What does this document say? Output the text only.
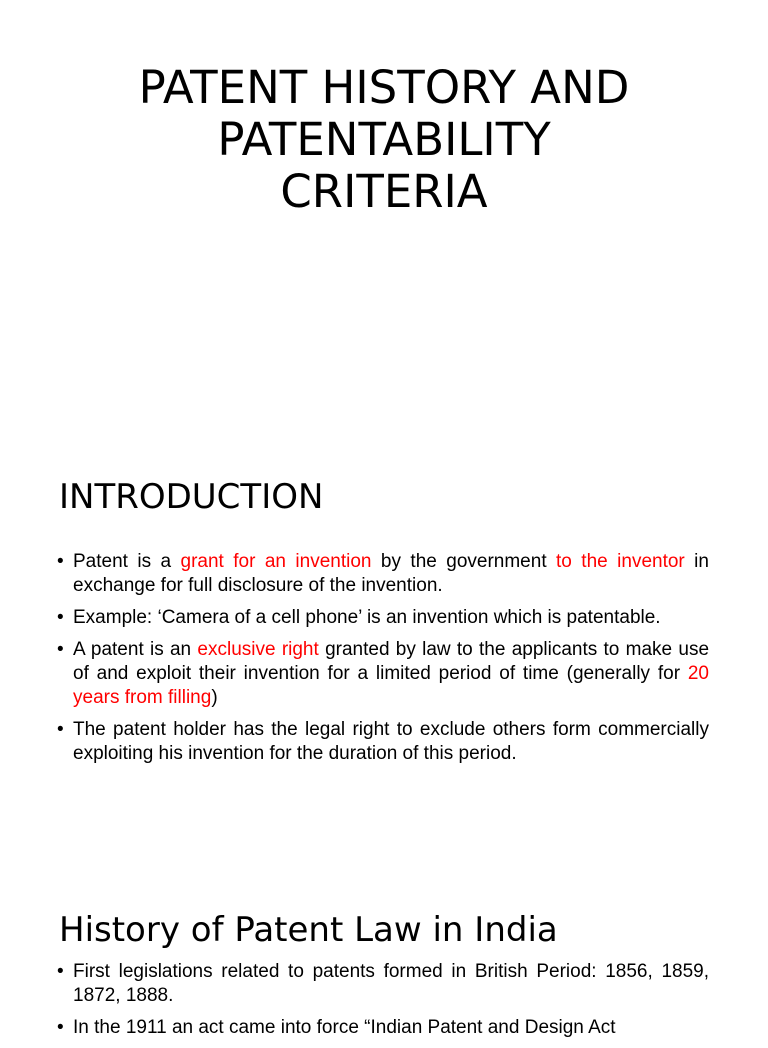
PATENT HISTORY AND
PATENTABILITY
CRITERIA
INTRODUCTION
• Patent is a grant for an invention by the government to the inventor in exchange for full disclosure of the invention.
• Example: ‘Camera of a cell phone’ is an invention which is patentable.
• A patent is an exclusive right granted by law to the applicants to make use of and exploit their invention for a limited period of time (generally for 20 years from filling)
• The patent holder has the legal right to exclude others form commercially exploiting his invention for the duration of this period.
History of Patent Law in India
• First legislations related to patents formed in British Period: 1856, 1859, 1872, 1888.
• In the 1911 an act came into force “Indian Patent and Design Act
